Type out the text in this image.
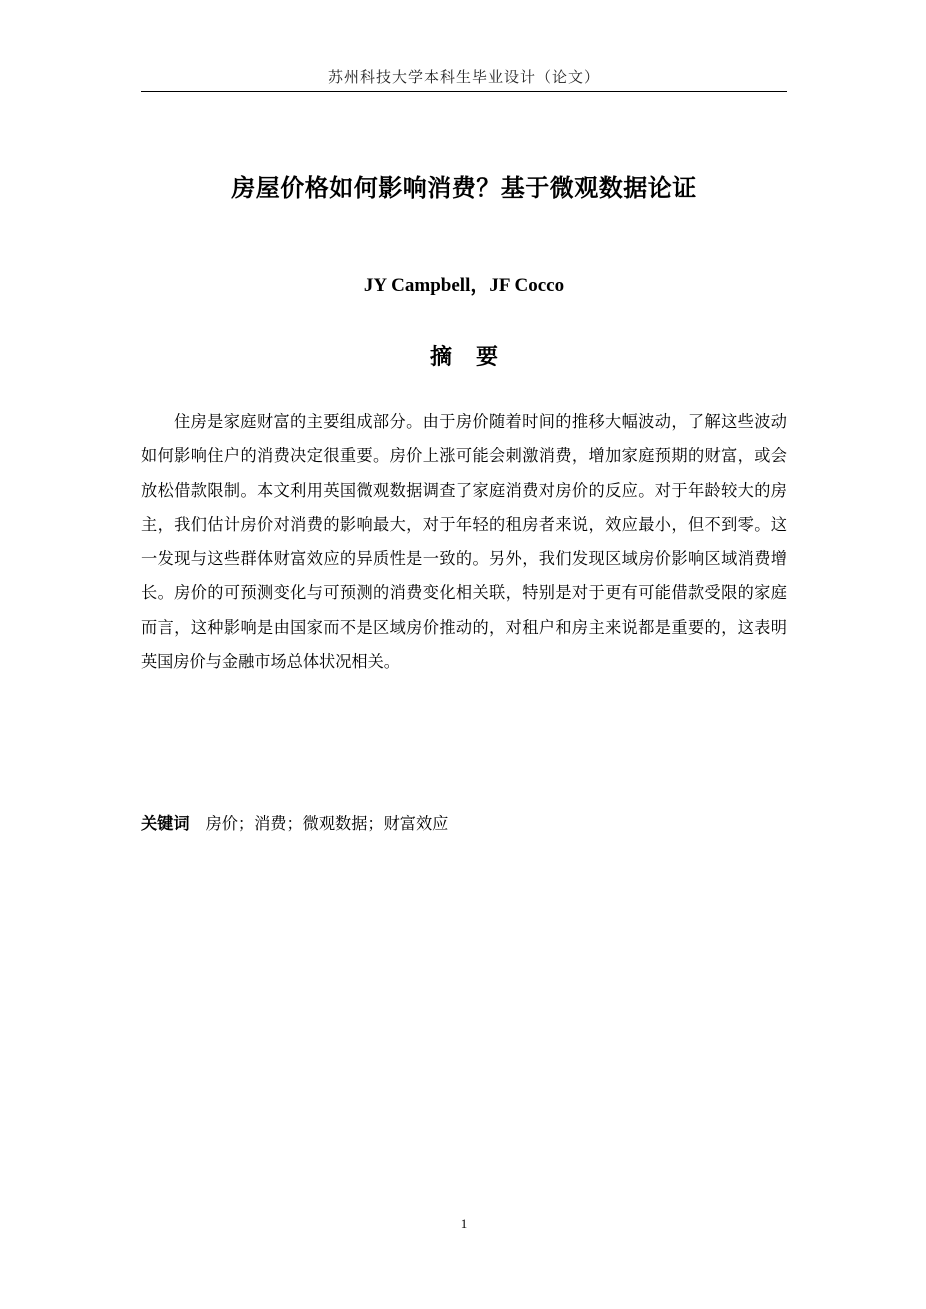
苏州科技大学本科生毕业设计（论文）
房屋价格如何影响消费？基于微观数据论证
JY Campbell，JF Cocco
摘要

住房是家庭财富的主要组成部分。由于房价随着时间的推移大幅波动，了解这些波动如何影响住户的消费决定很重要。房价上涨可能会刺激消费，增加家庭预期的财富，或会放松借款限制。本文利用英国微观数据调查了家庭消费对房价的反应。对于年龄较大的房主，我们估计房价对消费的影响最大，对于年轻的租房者来说，效应最小，但不到零。这一发现与这些群体财富效应的异质性是一致的。另外，我们发现区域房价影响区域消费增长。房价的可预测变化与可预测的消费变化相关联，特别是对于更有可能借款受限的家庭而言，这种影响是由国家而不是区域房价推动的，对租户和房主来说都是重要的，这表明英国房价与金融市场总体状况相关。

关键词 房价；消费；微观数据；财富效应
1
